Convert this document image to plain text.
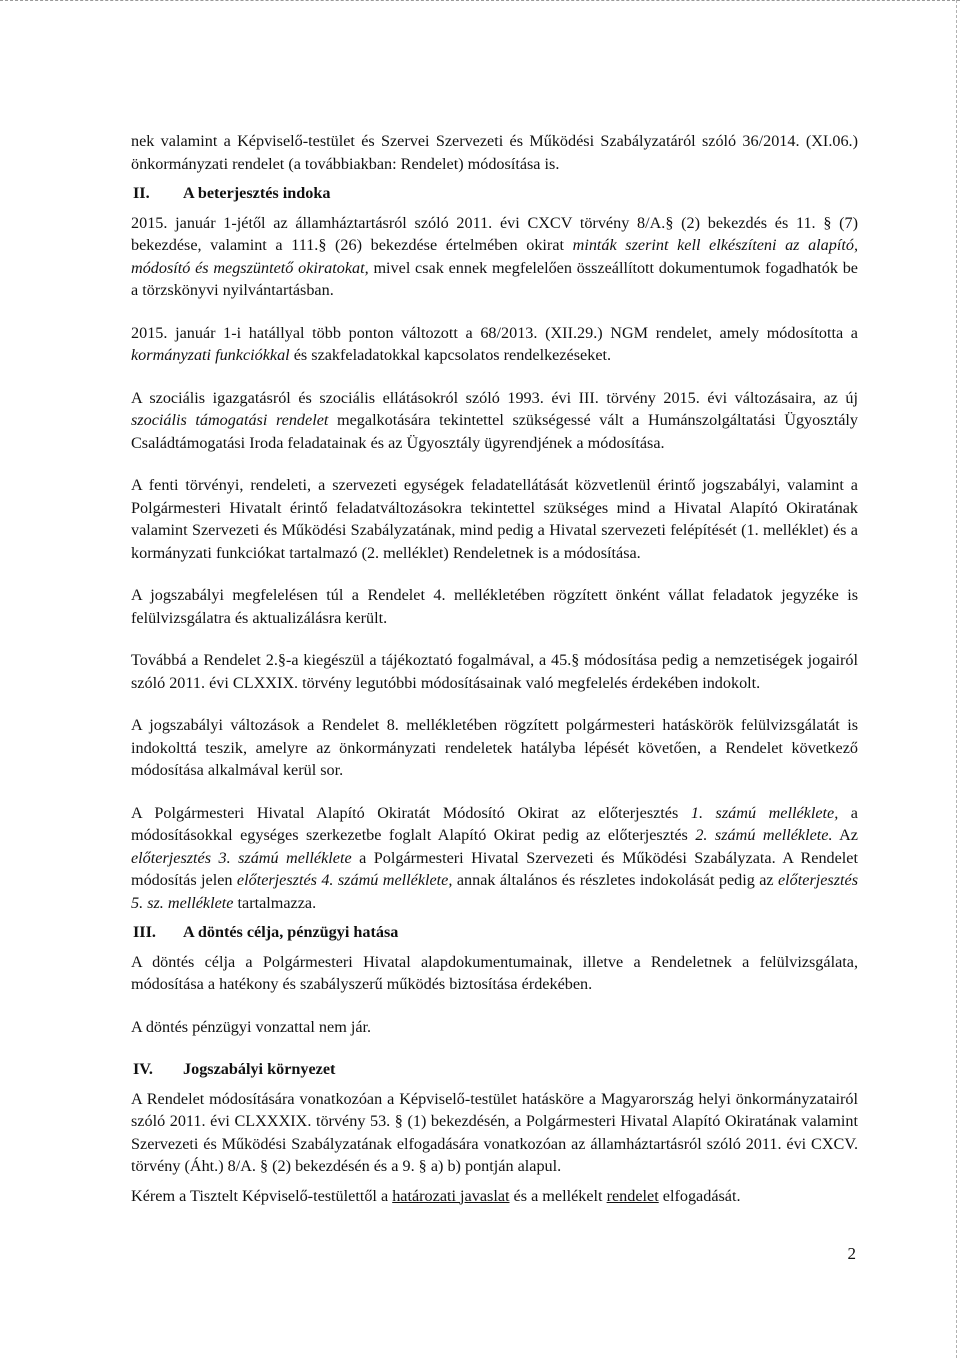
nek valamint a Képviselő-testület és Szervei Szervezeti és Működési Szabályzatáról szóló 36/2014. (XI.06.) önkormányzati rendelet (a továbbiakban: Rendelet) módosítása is.

II.	A beterjesztés indoka

2015. január 1-jétől az államháztartásról szóló 2011. évi CXCV törvény 8/A.§ (2) bekezdés és 11. § (7) bekezdése, valamint a 111.§ (26) bekezdése értelmében okirat minták szerint kell elkészíteni az alapító, módosító és megszüntető okiratokat, mivel csak ennek megfelelően összeállított dokumentumok fogadhatók be a törzskönyvi nyilvántartásban.

2015. január 1-i hatállyal több ponton változott a 68/2013. (XII.29.) NGM rendelet, amely módosította a kormányzati funkciókkal és szakfeladatokkal kapcsolatos rendelkezéseket.

A szociális igazgatásról és szociális ellátásokról szóló 1993. évi III. törvény 2015. évi változásaira, az új szociális támogatási rendelet megalkotására tekintettel szükségessé vált a Humánszolgáltatási Ügyosztály Családtámogatási Iroda feladatainak és az Ügyosztály ügyrendjének a módosítása.

A fenti törvényi, rendeleti, a szervezeti egységek feladatellátását közvetlenül érintő jogszabályi, valamint a Polgármesteri Hivatalt érintő feladatváltozásokra tekintettel szükséges mind a Hivatal Alapító Okiratának valamint Szervezeti és Működési Szabályzatának, mind pedig a Hivatal szervezeti felépítését (1. melléklet) és a kormányzati funkciókat tartalmazó (2. melléklet) Rendeletnek is a módosítása.

A jogszabályi megfelelésen túl a Rendelet 4. mellékletében rögzített önként vállat feladatok jegyzéke is felülvizsgálatra és aktualizálásra került.

Továbbá a Rendelet 2.§-a kiegészül a tájékoztató fogalmával, a 45.§ módosítása pedig a nemzetiségek jogairól szóló 2011. évi CLXXIX. törvény legutóbbi módosításainak való megfelelés érdekében indokolt.

A jogszabályi változások a Rendelet 8. mellékletében rögzített polgármesteri hatáskörök felülvizsgálatát is indokolttá teszik, amelyre az önkormányzati rendeletek hatályba lépését követően, a Rendelet következő módosítása alkalmával kerül sor.

A Polgármesteri Hivatal Alapító Okiratát Módosító Okirat az előterjesztés 1. számú melléklete, a módosításokkal egységes szerkezetbe foglalt Alapító Okirat pedig az előterjesztés 2. számú melléklete. Az előterjesztés 3. számú melléklete a Polgármesteri Hivatal Szervezeti és Működési Szabályzata. A Rendelet módosítás jelen előterjesztés 4. számú melléklete, annak általános és részletes indokolását pedig az előterjesztés 5. sz. melléklete tartalmazza.

III.	A döntés célja, pénzügyi hatása

A döntés célja a Polgármesteri Hivatal alapdokumentumainak, illetve a Rendeletnek a felülvizsgálata, módosítása a hatékony és szabályszerű működés biztosítása érdekében.

A döntés pénzügyi vonzattal nem jár.

IV.	Jogszabályi környezet

A Rendelet módosítására vonatkozóan a Képviselő-testület hatásköre a Magyarország helyi önkormányzatairól szóló 2011. évi CLXXXIX. törvény 53. § (1) bekezdésén, a Polgármesteri Hivatal Alapító Okiratának valamint Szervezeti és Működési Szabályzatának elfogadására vonatkozóan az államháztartásról szóló 2011. évi CXCV. törvény (Áht.) 8/A. § (2) bekezdésén és a 9. § a) b) pontján alapul.

Kérem a Tisztelt Képviselő-testülettől a határozati javaslat és a mellékelt rendelet elfogadását.

2
